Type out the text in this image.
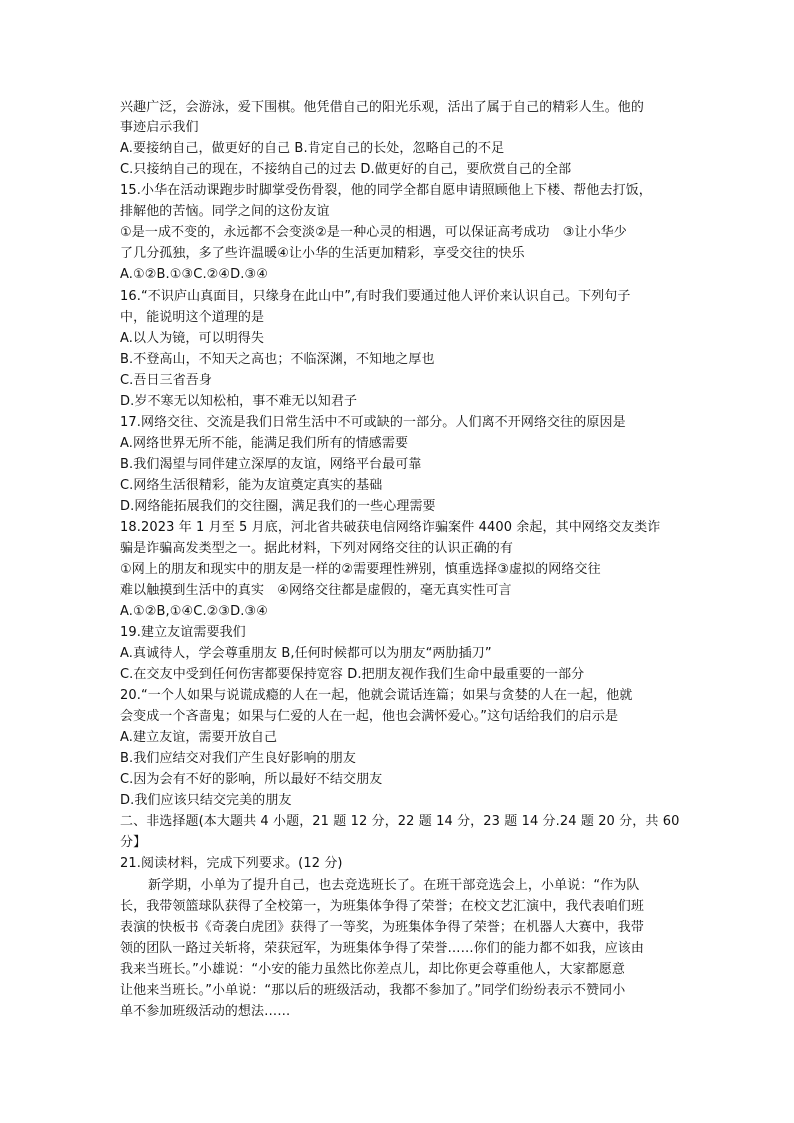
兴趣广泛，会游泳，爱下围棋。他凭借自己的阳光乐观，活出了属于自己的精彩人生。他的
事迹启示我们
A.要接纳自己，做更好的自己 B.肯定自己的长处，忽略自己的不足
C.只接纳自己的现在，不接纳自己的过去 D.做更好的自己，要欣赏自己的全部
15.小华在活动课跑步时脚掌受伤骨裂，他的同学全都自愿申请照顾他上下楼、帮他去打饭，
排解他的苦恼。同学之间的这份友谊
①是一成不变的，永远都不会变淡②是一种心灵的相遇，可以保证高考成功　③让小华少
了几分孤独，多了些许温暖④让小华的生活更加精彩，享受交往的快乐
A.①②B.①③C.②④D.③④
16.“不识庐山真面目，只缘身在此山中”,有时我们要通过他人评价来认识自己。下列句子
中，能说明这个道理的是
A.以人为镜，可以明得失
B.不登高山，不知天之高也；不临深渊，不知地之厚也
C.吾日三省吾身
D.岁不寒无以知松柏，事不难无以知君子
17.网络交往、交流是我们日常生活中不可或缺的一部分。人们离不开网络交往的原因是
A.网络世界无所不能，能满足我们所有的情感需要
B.我们渴望与同伴建立深厚的友谊，网络平台最可靠
C.网络生活很精彩，能为友谊奠定真实的基础
D.网络能拓展我们的交往圈，满足我们的一些心理需要
18.2023 年 1 月至 5 月底，河北省共破获电信网络诈骗案件 4400 余起，其中网络交友类诈
骗是诈骗高发类型之一。据此材料，下列对网络交往的认识正确的有
①网上的朋友和现实中的朋友是一样的②需要理性辨别，慎重选择③虚拟的网络交往
难以触摸到生活中的真实　④网络交往都是虚假的，毫无真实性可言
A.①②B,①④C.②③D.③④
19.建立友谊需要我们
A.真诚待人，学会尊重朋友 B,任何时候都可以为朋友“两肋插刀”
C.在交友中受到任何伤害都要保持宽容 D.把朋友视作我们生命中最重要的一部分
20.“一个人如果与说谎成瘾的人在一起，他就会谎话连篇；如果与贪婪的人在一起，他就
会变成一个吝啬鬼；如果与仁爱的人在一起，他也会满怀爱心。”这句话给我们的启示是
A.建立友谊，需要开放自己
B.我们应结交对我们产生良好影响的朋友
C.因为会有不好的影响，所以最好不结交朋友
D.我们应该只结交完美的朋友
二、非选择题(本大题共 4 小题，21 题 12 分，22 题 14 分，23 题 14 分.24 题 20 分，共 60
分】
21.阅读材料，完成下列要求。(12 分)
新学期，小单为了提升自己，也去竞选班长了。在班干部竞选会上，小单说：“作为队
长，我带领篮球队获得了全校第一，为班集体争得了荣誉；在校文艺汇演中，我代表咱们班
表演的快板书《奇袭白虎团》获得了一等奖，为班集体争得了荣誉；在机器人大赛中，我带
领的团队一路过关斩将，荣获冠军，为班集体争得了荣誉……你们的能力都不如我，应该由
我来当班长。”小雄说：“小安的能力虽然比你差点儿，却比你更会尊重他人，大家都愿意
让他来当班长。”小单说：“那以后的班级活动，我都不参加了。”同学们纷纷表示不赞同小
单不参加班级活动的想法……
